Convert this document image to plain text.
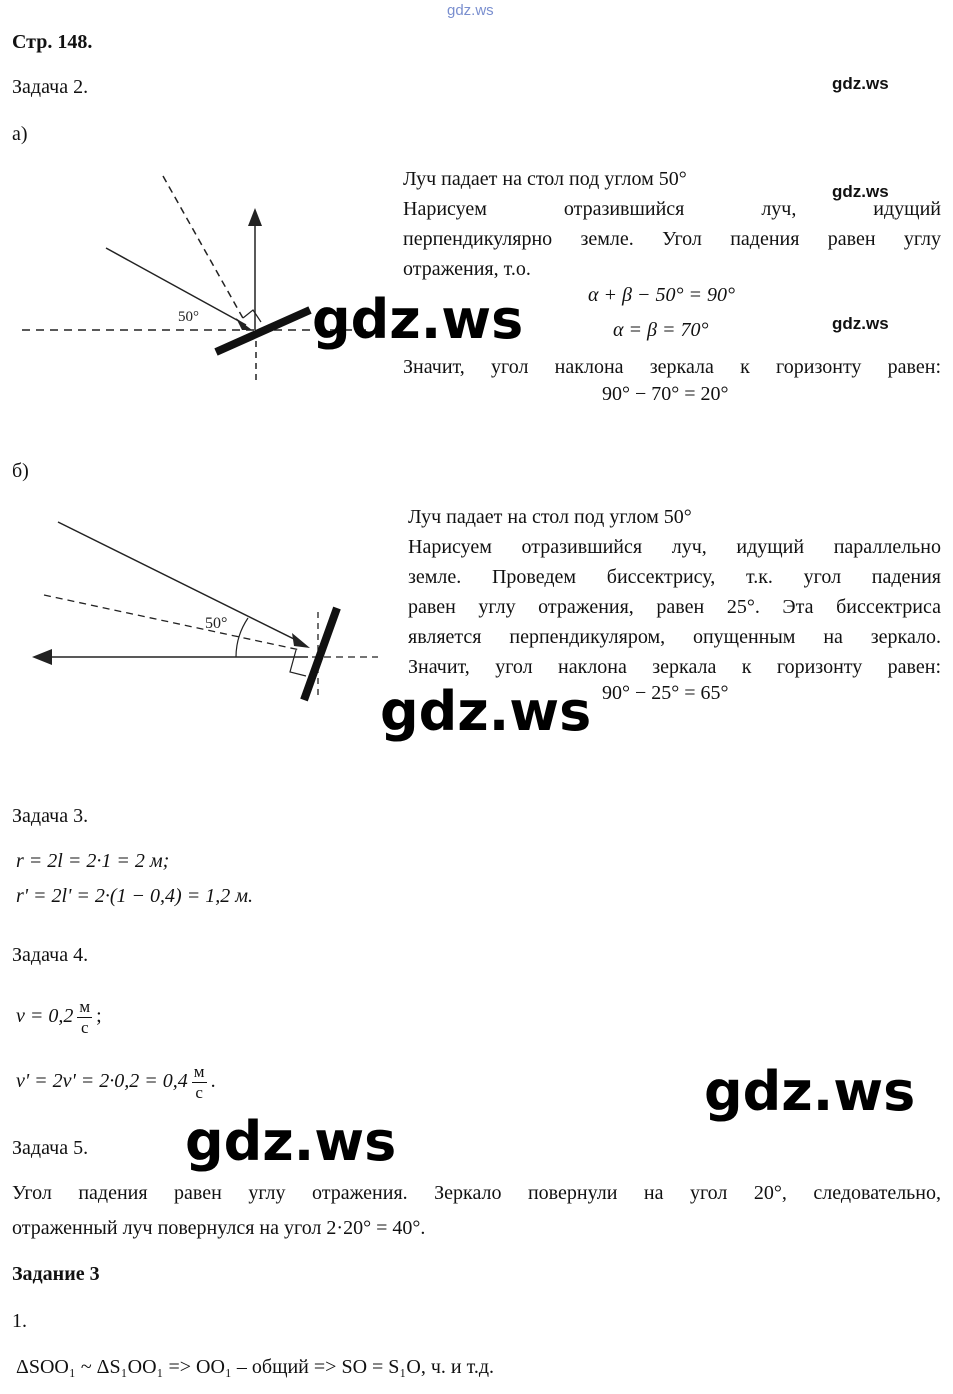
gdz.ws
Стр. 148.
Задача 2.
а)
50°
Луч падает на стол под углом 50°
Нарисуем отразившийся луч, идущий
перпендикулярно земле. Угол падения равен углу
отражения, т.о.
α + β − 50° = 90°
α = β = 70°
Значит, угол наклона зеркала к горизонту равен:
90° − 70° = 20°
gdz.ws
gdz.ws
gdz.ws
gdz.ws
б)
50°
Луч падает на стол под углом 50°
Нарисуем отразившийся луч, идущий параллельно
земле. Проведем биссектрису, т.к. угол падения
равен углу отражения, равен 25°. Эта биссектриса
является перпендикуляром, опущенным на зеркало.
Значит, угол наклона зеркала к горизонту равен:
90° − 25° = 65°
gdz.ws
Задача 3.
r = 2l = 2·1 = 2 м;
r' = 2l' = 2·(1 − 0,4) = 1,2 м.
Задача 4.
$v = 0,2 \frac{м}{с}$ ;
$v' = 2v' = 2\cdot 0,2 = 0,4 \frac{м}{с}$ .	gdz.ws
gdz.ws
Задача 5.
Угол падения равен углу отражения. Зеркало повернули на угол 20°, следовательно,
отраженный луч повернулся на угол 2·20° = 40°.
Задание 3
1.
ΔSOO₁ ~ ΔS₁OO₁ => OO₁ – общий => SO = S₁O, ч. и т.д.
